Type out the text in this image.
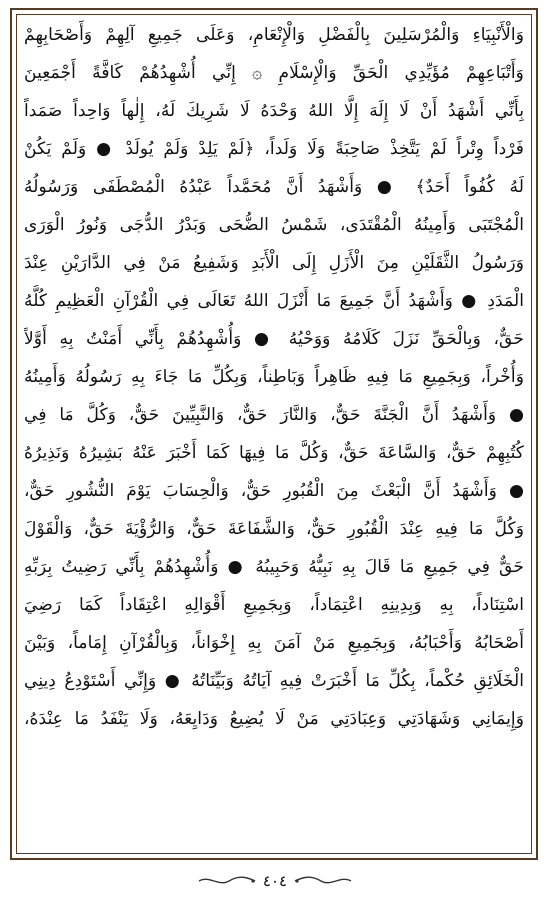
وَالْأَنْبِيَاءِ وَالْمُرْسَلِينَ بِالْفَضْلِ وَالْإِنْعَامِ، وَعَلَى جَمِيعِ آلِهِمْ وَأَصْحَابِهِمْ
وَأَتْبَاعِهِمْ مُؤَيِّدِي الْحَقِّ وَالْإِسْلَامِ ۞ إِنِّي أُشْهِدُهُمْ كَافَّةً أَجْمَعِينَ
بِأَنِّي أَشْهَدُ أَنْ لَا إِلَهَ إِلَّا اللهُ وَحْدَهُ لَا شَرِيكَ لَهُ، إِلٰهاً وَاحِداً صَمَداً
فَرْداً وِتْراً لَمْ يَتَّخِذْ صَاحِبَةً وَلَا وَلَداً، ﴿لَمْ يَلِدْ وَلَمْ يُولَدْ ● وَلَمْ يَكُنْ
لَهُ كُفُواً أَحَدٌ﴾ ● وَأَشْهَدُ أَنَّ مُحَمَّداً عَبْدُهُ الْمُصْطَفَى وَرَسُولُهُ
الْمُجْتَبَى وَأَمِينُهُ الْمُقْتَدَى، شَمْسُ الضُّحَى وَبَدْرُ الدُّجَى وَنُورُ الْوَرَى
وَرَسُولُ الثَّقَلَيْنِ مِنَ الْأَزَلِ إِلَى الْأَبَدِ وَشَفِيعُ مَنْ فِي الدَّارَيْنِ عِنْدَ
الْمَدَدِ ● وَأَشْهَدُ أَنَّ جَمِيعَ مَا أَنْزَلَ اللهُ تَعَالَى فِي الْقُرْآنِ الْعَظِيمِ كُلَّهُ
حَقٌّ، وَبِالْحَقِّ نَزَلَ كَلَامُهُ وَوَحْيُهُ ● وَأُشْهِدُهُمْ بِأَنِّي أَمَنْتُ بِهِ أَوَّلاً
وَأُخْراً، وَبِجَمِيعِ مَا فِيهِ ظَاهِراً وَبَاطِناً، وَبِكُلِّ مَا جَاءَ بِهِ رَسُولُهُ وَأَمِينُهُ
● وَأَشْهَدُ أَنَّ الْجَنَّةَ حَقٌّ، وَالنَّارَ حَقٌّ، وَالنَّبِيِّينَ حَقٌّ، وَكُلَّ مَا فِي
كُتُبِهِمْ حَقٌّ، وَالسَّاعَةَ حَقٌّ، وَكُلَّ مَا فِيهَا كَمَا أَخْبَرَ عَنْهُ بَشِيرُهُ وَنَذِيرُهُ
● وَأَشْهَدُ أَنَّ الْبَعْثَ مِنَ الْقُبُورِ حَقٌّ، وَالْحِسَابَ يَوْمَ النُّشُورِ حَقٌّ،
وَكُلَّ مَا فِيهِ عِنْدَ الْقُبُورِ حَقٌّ، وَالشَّفَاعَةَ حَقٌّ، وَالرُّؤْيَةَ حَقٌّ، وَالْقَوْلَ
حَقٌّ فِي جَمِيعِ مَا قَالَ بِهِ نَبِيُّهُ وَحَبِيبُهُ ● وَأُشْهِدُهُمْ بِأَنِّي رَضِيتُ بِرَبِّهِ
اسْتِنَاداً، بِهِ وَبِدِينِهِ اعْتِمَاداً، وَبِجَمِيعِ أَقْوَالِهِ اعْتِقَاداً كَمَا رَضِيَ
أَصْحَابُهُ وَأَحْبَابُهُ، وَبِجَمِيعِ مَنْ آمَنَ بِهِ إِخْوَاناً، وَبِالْقُرْآنِ إِمَاماً، وَبَيْنَ
الْخَلَائِقِ حُكْماً، بِكُلِّ مَا أَخْبَرَتْ فِيهِ آيَاتُهُ وَبَيِّنَاتُهُ ● وَإِنِّي أَسْتَوْدِعُ دِينِي
وَإِيمَانِي وَشَهَادَتِي وَعِبَادَتِي مَنْ لَا يُضِيعُ وَدَايِعَهُ، وَلَا يَنْفَدُ مَا عِنْدَهُ،
٤٠٤
